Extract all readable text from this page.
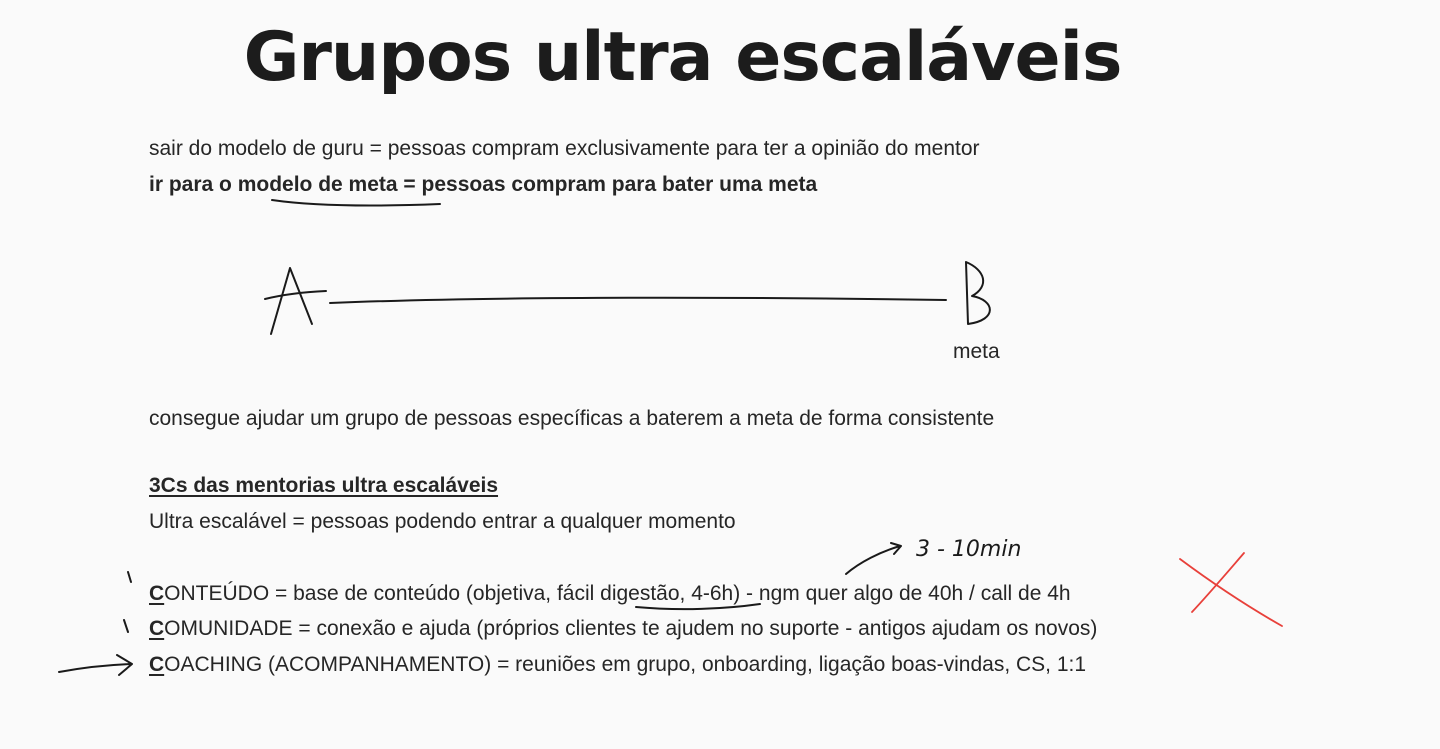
Grupos ultra escaláveis

sair do modelo de guru = pessoas compram exclusivamente para ter a opinião do mentor

ir para o modelo de meta = pessoas compram para bater uma meta

meta

consegue ajudar um grupo de pessoas específicas a baterem a meta de forma consistente

3Cs das mentorias ultra escaláveis

Ultra escalável = pessoas podendo entrar a qualquer momento

CONTEÚDO = base de conteúdo (objetiva, fácil digestão, 4-6h) - ngm quer algo de 40h / call de 4h

COMUNIDADE = conexão e ajuda (próprios clientes te ajudem no suporte - antigos ajudam os novos)

COACHING (ACOMPANHAMENTO) = reuniões em grupo, onboarding, ligação boas-vindas, CS, 1:1

3 - 10min
A
B
